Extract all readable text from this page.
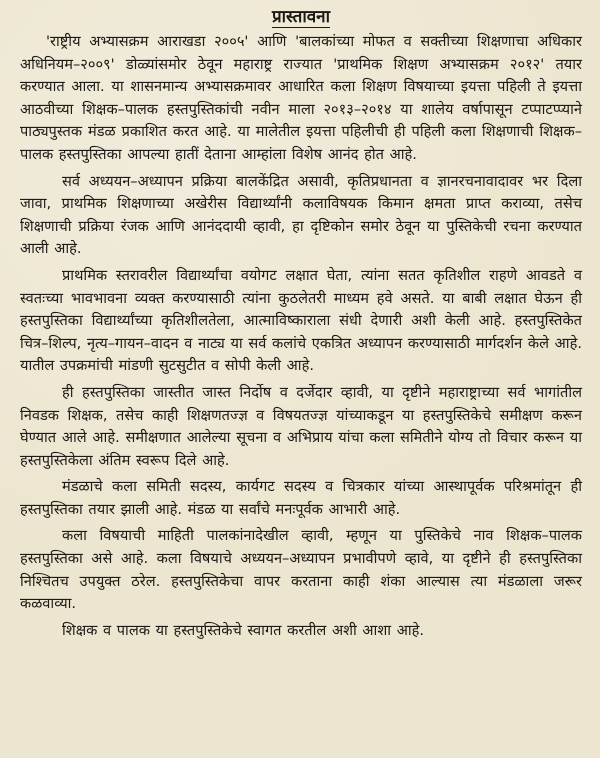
प्रास्तावना

'राष्ट्रीय अभ्यासक्रम आराखडा २००५' आणि 'बालकांच्या मोफत व सक्तीच्या शिक्षणाचा अधिकार अधिनियम–२००९' डोळ्यांसमोर ठेवून महाराष्ट्र राज्यात 'प्राथमिक शिक्षण अभ्यासक्रम २०१२' तयार करण्यात आला. या शासनमान्य अभ्यासक्रमावर आधारित कला शिक्षण विषयाच्या इयत्ता पहिली ते इयत्ता आठवीच्या शिक्षक–पालक हस्तपुस्तिकांची नवीन माला २०१३–२०१४ या शालेय वर्षापासून टप्पाटप्प्याने पाठ्यपुस्तक मंडळ प्रकाशित करत आहे. या मालेतील इयत्ता पहिलीची ही पहिली कला शिक्षणाची शिक्षक–पालक हस्तपुस्तिका आपल्या हातीं देताना आम्हांला विशेष आनंद होत आहे.

सर्व अध्ययन–अध्यापन प्रक्रिया बालकेंद्रित असावी, कृतिप्रधानता व ज्ञानरचनावादावर भर दिला जावा, प्राथमिक शिक्षणाच्या अखेरीस विद्यार्थ्यांनी कलाविषयक किमान क्षमता प्राप्त कराव्या, तसेच शिक्षणाची प्रक्रिया रंजक आणि आनंददायी व्हावी, हा दृष्टिकोन समोर ठेवून या पुस्तिकेची रचना करण्यात आली आहे.

प्राथमिक स्तरावरील विद्यार्थ्यांचा वयोगट लक्षात घेता, त्यांना सतत कृतिशील राहणे आवडते व स्वतःच्या भावभावना व्यक्त करण्यासाठी त्यांना कुठलेतरी माध्यम हवे असते. या बाबी लक्षात घेऊन ही हस्तपुस्तिका विद्यार्थ्यांच्या कृतिशीलतेला, आत्माविष्काराला संधी देणारी अशी केली आहे. हस्तपुस्तिकेत चित्र–शिल्प, नृत्य–गायन–वादन व नाट्य या सर्व कलांचे एकत्रित अध्यापन करण्यासाठी मार्गदर्शन केले आहे. यातील उपक्रमांची मांडणी सुटसुटीत व सोपी केली आहे.

ही हस्तपुस्तिका जास्तीत जास्त निर्दोष व दर्जेदार व्हावी, या दृष्टीने महाराष्ट्राच्या सर्व भागांतील निवडक शिक्षक, तसेच काही शिक्षणतज्ज्ञ व विषयतज्ज्ञ यांच्याकडून या हस्तपुस्तिकेचे समीक्षण करून घेण्यात आले आहे. समीक्षणात आलेल्या सूचना व अभिप्राय यांचा कला समितीने योग्य तो विचार करून या हस्तपुस्तिकेला अंतिम स्वरूप दिले आहे.

मंडळाचे कला समिती सदस्य, कार्यगट सदस्य व चित्रकार यांच्या आस्थापूर्वक परिश्रमांतून ही हस्तपुस्तिका तयार झाली आहे. मंडळ या सर्वांचे मनःपूर्वक आभारी आहे.

कला विषयाची माहिती पालकांनादेखील व्हावी, म्हणून या पुस्तिकेचे नाव शिक्षक–पालक हस्तपुस्तिका असे आहे. कला विषयाचे अध्ययन–अध्यापन प्रभावीपणे व्हावे, या दृष्टीने ही हस्तपुस्तिका निश्चितच उपयुक्त ठरेल. हस्तपुस्तिकेचा वापर करताना काही शंका आल्यास त्या मंडळाला जरूर कळवाव्या.

शिक्षक व पालक या हस्तपुस्तिकेचे स्वागत करतील अशी आशा आहे.
